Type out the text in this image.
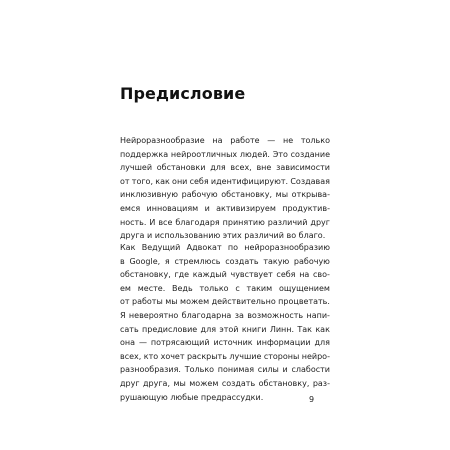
Предисловие
Нейроразнообразие на работе — не только
поддержка нейроотличных людей. Это создание
лучшей обстановки для всех, вне зависимости
от того, как они себя идентифицируют. Создавая
инклюзивную рабочую обстановку, мы открыва-
емся инновациям и активизируем продуктив-
ность. И все благодаря принятию различий друг
друга и использованию этих различий во благо.
Как Ведущий Адвокат по нейроразнообразию
в Google, я стремлюсь создать такую рабочую
обстановку, где каждый чувствует себя на сво-
ем месте. Ведь только с таким ощущением
от работы мы можем действительно процветать.
Я невероятно благодарна за возможность напи-
сать предисловие для этой книги Линн. Так как
она — потрясающий источник информации для
всех, кто хочет раскрыть лучшие стороны нейро-
разнообразия. Только понимая силы и слабости
друг друга, мы можем создать обстановку, раз-
рушающую любые предрассудки.	9
